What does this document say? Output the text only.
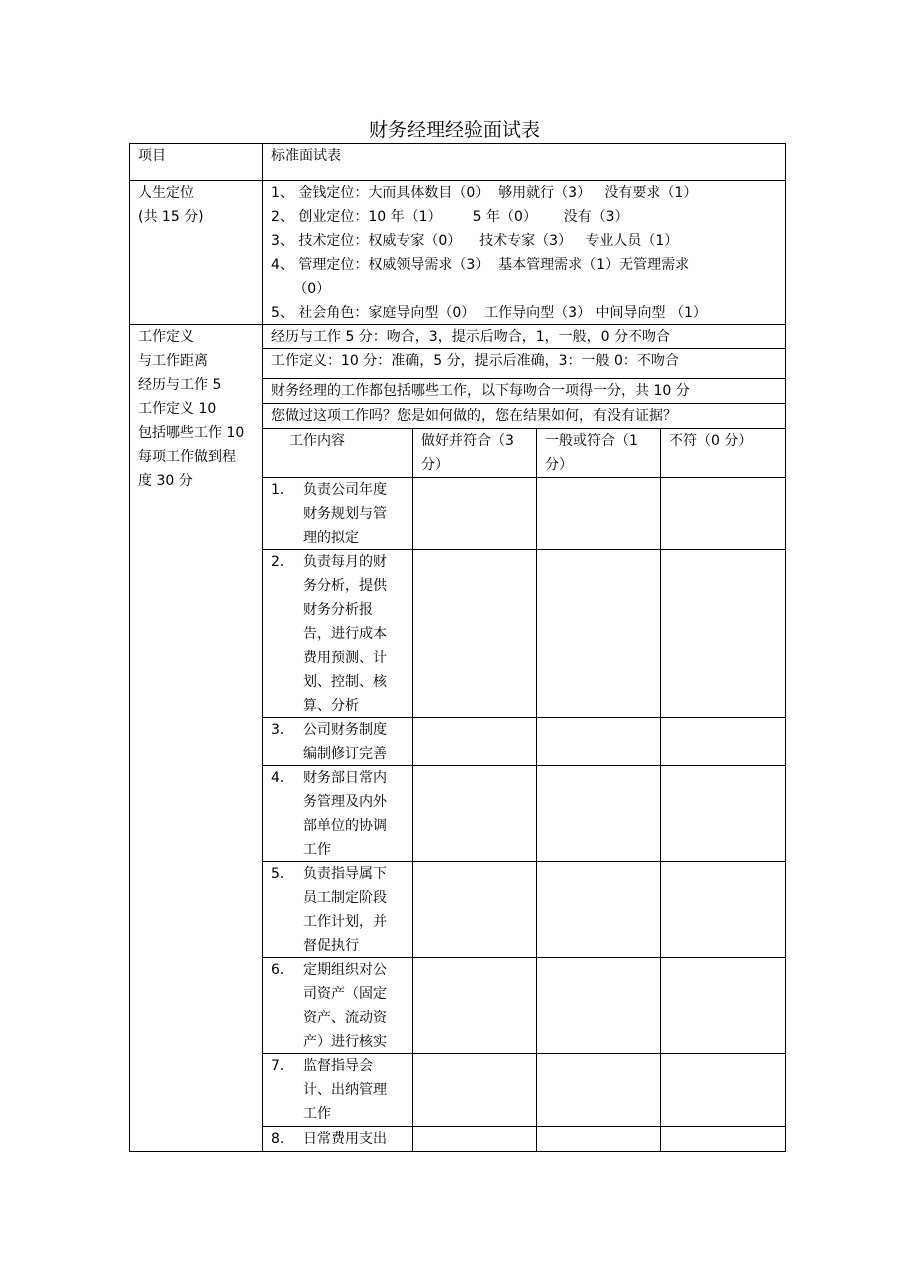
财务经理经验面试表
项目	标准面试表
人生定位
(共 15 分)
1、 金钱定位：大而具体数目（0）  够用就行（3）   没有要求（1）
2、 创业定位：10 年（1）       5 年（0）      没有（3）
3、 技术定位：权威专家（0）    技术专家（3）   专业人员（1）
4、 管理定位：权威领导需求（3）  基本管理需求（1）无管理需求
（0）
5、 社会角色：家庭导向型（0）  工作导向型（3） 中间导向型 （1）
工作定义
与工作距离
经历与工作 5
工作定义 10
包括哪些工作 10
每项工作做到程
度 30 分
经历与工作 5 分：吻合，3，提示后吻合，1，一般，0 分不吻合
工作定义：10 分：准确，5 分，提示后准确，3：一般 0：不吻合
财务经理的工作都包括哪些工作，以下每吻合一项得一分，共 10 分
您做过这项工作吗？您是如何做的，您在结果如何，有没有证据？
工作内容	做好并符合（3
分）
一般或符合（1
分）
不符（0 分）
1. 负责公司年度
财务规划与管
理的拟定
2. 负责每月的财
务分析，提供
财务分析报
告，进行成本
费用预测、计
划、控制、核
算、分析
3. 公司财务制度
编制修订完善
4. 财务部日常内
务管理及内外
部单位的协调
工作
5. 负责指导属下
员工制定阶段
工作计划，并
督促执行
6. 定期组织对公
司资产（固定
资产、流动资
产）进行核实
7. 监督指导会
计、出纳管理
工作
8. 日常费用支出
